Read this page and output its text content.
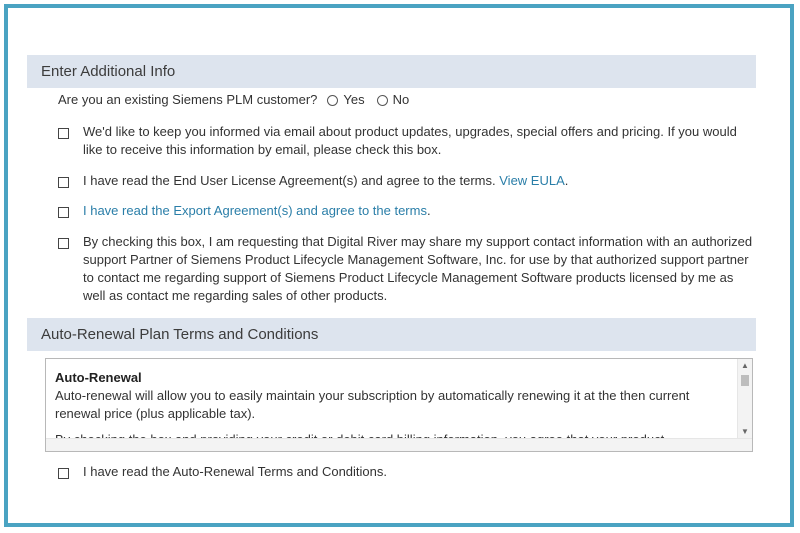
Enter Additional Info
Are you an existing Siemens PLM customer? Yes No
We'd like to keep you informed via email about product updates, upgrades, special offers and pricing. If you would like to receive this information by email, please check this box.
I have read the End User License Agreement(s) and agree to the terms. View EULA.
I have read the Export Agreement(s) and agree to the terms.
By checking this box, I am requesting that Digital River may share my support contact information with an authorized support Partner of Siemens Product Lifecycle Management Software, Inc. for use by that authorized support partner to contact me regarding support of Siemens Product Lifecycle Management Software products licensed by me as well as contact me regarding sales of other products.
Auto-Renewal Plan Terms and Conditions
Auto-Renewal
Auto-renewal will allow you to easily maintain your subscription by automatically renewing it at the then current renewal price (plus applicable tax).
▲
▼
I have read the Auto-Renewal Terms and Conditions.
